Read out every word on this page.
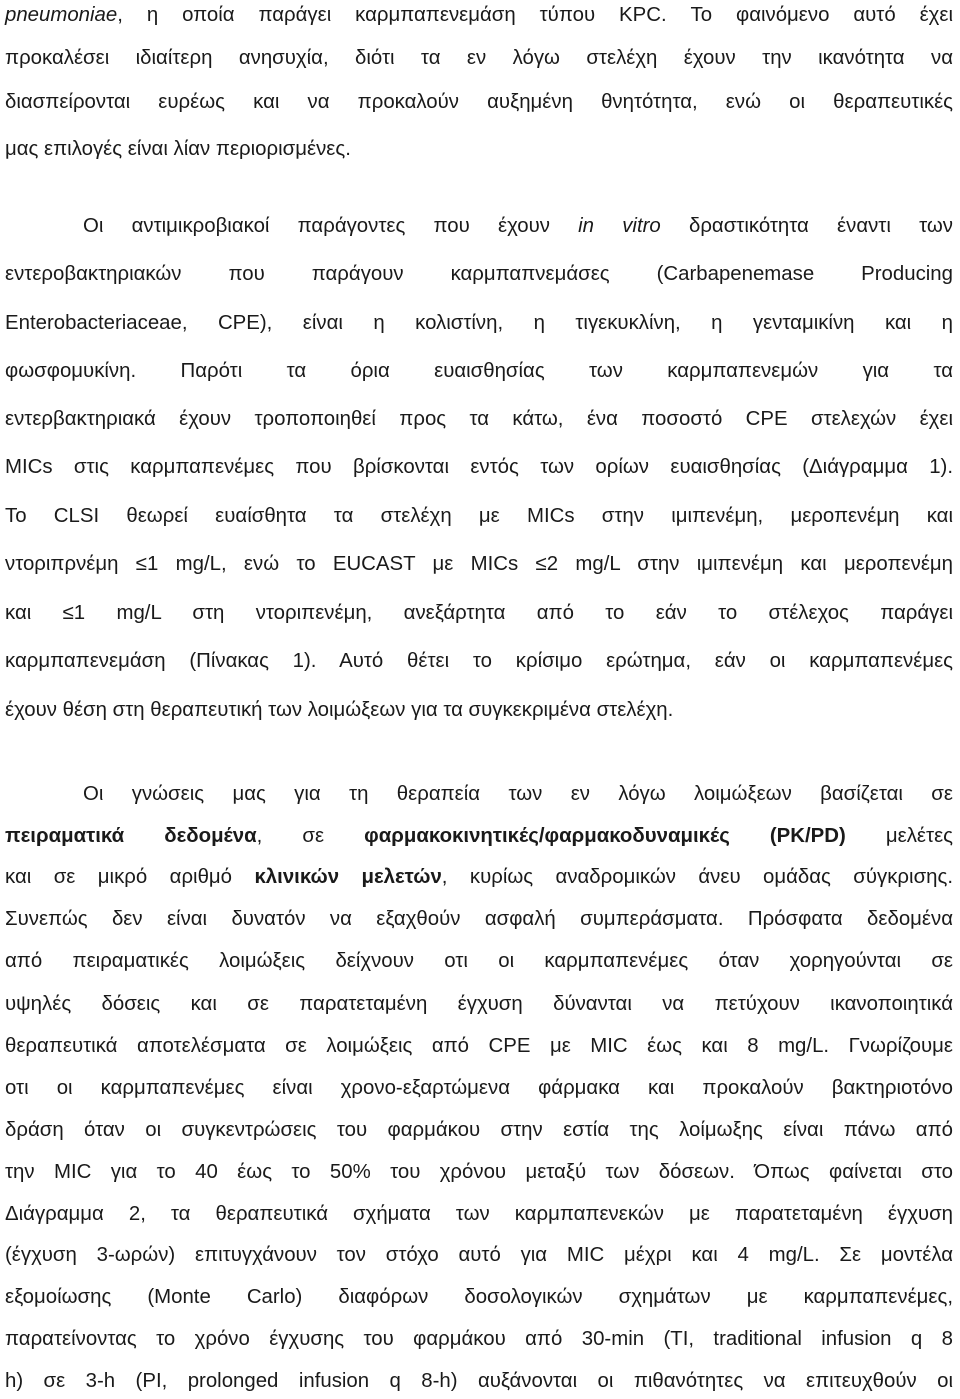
pneumoniae, η οποία παράγει καρμπαπενεμάση τύπου KPC. Το φαινόμενο αυτό έχει
προκαλέσει ιδιαίτερη ανησυχία, διότι τα εν λόγω στελέχη έχουν την ικανότητα να
διασπείρονται ευρέως και να προκαλούν αυξημένη θνητότητα, ενώ οι θεραπευτικές
μας επιλογές είναι λίαν περιορισμένες.
Οι αντιμικροβιακοί παράγοντες που έχουν in vitro δραστικότητα έναντι των
εντεροβακτηριακών που παράγουν καρμπαπνεμάσες (Carbapenemase Producing
Enterobacteriaceae, CPE), είναι η κολιστίνη, η τιγεκυκλίνη, η γενταμικίνη και η
φωσφομυκίνη. Παρότι τα όρια ευαισθησίας των καρμπαπενεμών για τα
εντερβακτηριακά έχουν τροποποιηθεί προς τα κάτω, ένα ποσοστό CPE στελεχών έχει
MICs στις καρμπαπενέμες που βρίσκονται εντός των ορίων ευαισθησίας (Διάγραμμα 1).
Το CLSI θεωρεί ευαίσθητα τα στελέχη με MICs στην ιμιπενέμη, μεροπενέμη και
ντοριπρνέμη ≤1 mg/L, ενώ το EUCAST με MICs ≤2 mg/L στην ιμιπενέμη και μεροπενέμη
και ≤1 mg/L στη ντοριπενέμη, ανεξάρτητα από το εάν το στέλεχος παράγει
καρμπαπενεμάση (Πίνακας 1). Αυτό θέτει το κρίσιμο ερώτημα, εάν οι καρμπαπενέμες
έχουν θέση στη θεραπευτική των λοιμώξεων για τα συγκεκριμένα στελέχη.
Οι γνώσεις μας για τη θεραπεία των εν λόγω λοιμώξεων βασίζεται σε
πειραματικά δεδομένα, σε φαρμακοκινητικές/φαρμακοδυναμικές (PK/PD) μελέτες
και σε μικρό αριθμό κλινικών μελετών, κυρίως αναδρομικών άνευ ομάδας σύγκρισης.
Συνεπώς δεν είναι δυνατόν να εξαχθούν ασφαλή συμπεράσματα. Πρόσφατα δεδομένα
από πειραματικές λοιμώξεις δείχνουν οτι οι καρμπαπενέμες όταν χορηγούνται σε
υψηλές δόσεις και σε παρατεταμένη έγχυση δύνανται να πετύχουν ικανοποιητικά
θεραπευτικά αποτελέσματα σε λοιμώξεις από CPE με MIC έως και 8 mg/L. Γνωρίζουμε
οτι οι καρμπαπενέμες είναι χρονο-εξαρτώμενα φάρμακα και προκαλούν βακτηριοτόνο
δράση όταν οι συγκεντρώσεις του φαρμάκου στην εστία της λοίμωξης είναι πάνω από
την MIC για το 40 έως το 50% του χρόνου μεταξύ των δόσεων. Όπως φαίνεται στο
Διάγραμμα 2, τα θεραπευτικά σχήματα των καρμπαπενεκών με παρατεταμένη έγχυση
(έγχυση 3-ωρών) επιτυγχάνουν τον στόχο αυτό για MIC μέχρι και 4 mg/L. Σε μοντέλα
εξομοίωσης (Monte Carlo) διαφόρων δοσολογικών σχημάτων με καρμπαπενέμες,
παρατείνοντας το χρόνο έγχυσης του φαρμάκου από 30-min (TI, traditional infusion q 8
h) σε 3-h (PI, prolonged infusion q 8-h) αυξάνονται οι πιθανότητες να επιτευχθούν οι
